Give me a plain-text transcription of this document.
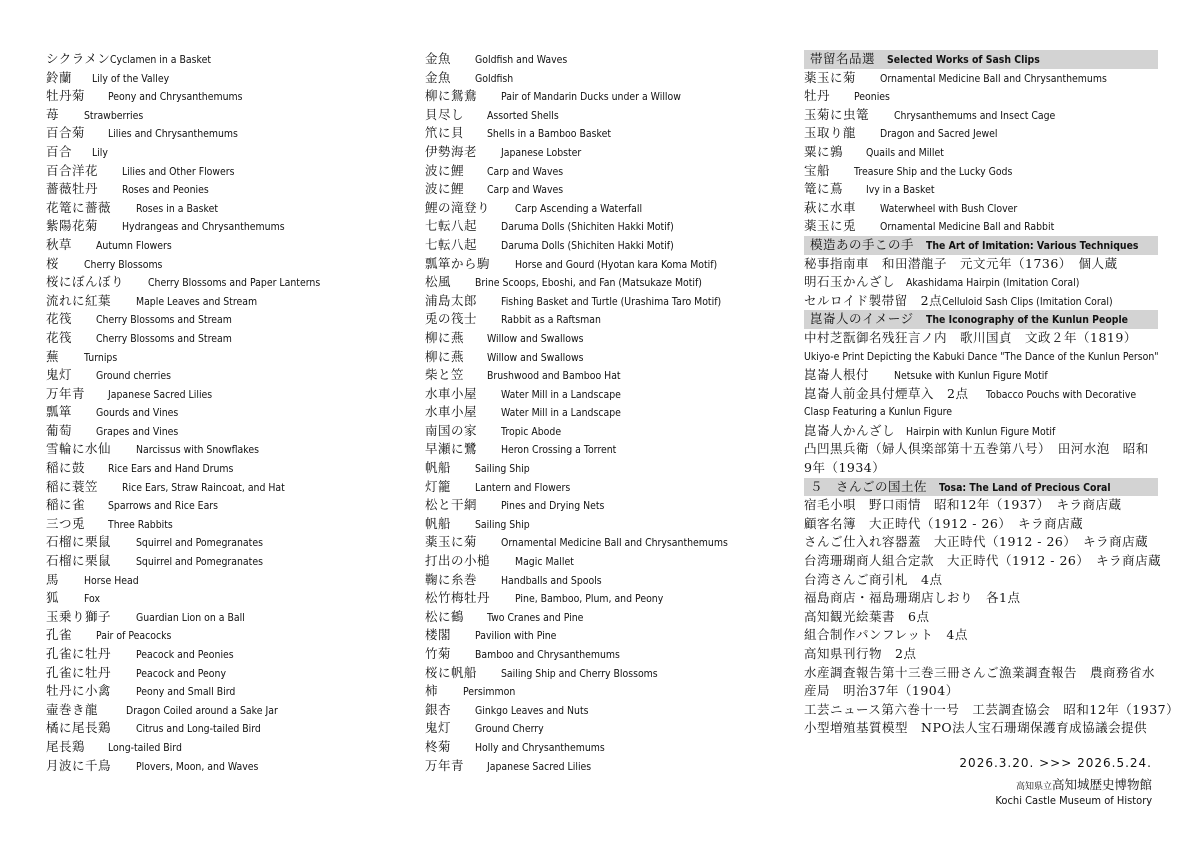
シクラメン Cyclamen in a Basket
鈴蘭	Lily of the Valley
牡丹菊	Peony and Chrysanthemums
苺	Strawberries
百合菊	Lilies and Chrysanthemums
百合	Lily
百合洋花	Lilies and Other Flowers
薔薇牡丹	Roses and Peonies
花篭に薔薇	Roses in a Basket
紫陽花菊	Hydrangeas and Chrysanthemums
秋草	Autumn Flowers
桜	Cherry Blossoms
桜にぼんぼり	Cherry Blossoms and Paper Lanterns
流れに紅葉	Maple Leaves and Stream
花筏	Cherry Blossoms and Stream
花筏	Cherry Blossoms and Stream
蕪	Turnips
鬼灯	Ground cherries
万年青	Japanese Sacred Lilies
瓢箪	Gourds and Vines
葡萄	Grapes and Vines
雪輪に水仙	Narcissus with Snowflakes
稲に鼓	Rice Ears and Hand Drums
稲に蓑笠	Rice Ears, Straw Raincoat, and Hat
稲に雀	Sparrows and Rice Ears
三つ兎	Three Rabbits
石榴に栗鼠	Squirrel and Pomegranates
石榴に栗鼠	Squirrel and Pomegranates
馬	Horse Head
狐	Fox
玉乗り獅子	Guardian Lion on a Ball
孔雀	Pair of Peacocks
孔雀に牡丹	Peacock and Peonies
孔雀に牡丹	Peacock and Peony
牡丹に小禽	Peony and Small Bird
壷巻き龍	Dragon Coiled around a Sake Jar
橘に尾長鶏	Citrus and Long-tailed Bird
尾長鶏	Long-tailed Bird
月波に千鳥	Plovers, Moon, and Waves
金魚	Goldfish and Waves
金魚	Goldfish
柳に鴛鴦	Pair of Mandarin Ducks under a Willow
貝尽し	Assorted Shells
笊に貝	Shells in a Bamboo Basket
伊勢海老	Japanese Lobster
波に鯉	Carp and Waves
波に鯉	Carp and Waves
鯉の滝登り	Carp Ascending a Waterfall
七転八起	Daruma Dolls (Shichiten Hakki Motif)
七転八起	Daruma Dolls (Shichiten Hakki Motif)
瓢箪から駒	Horse and Gourd (Hyotan kara Koma Motif)
松風	Brine Scoops, Eboshi, and Fan (Matsukaze Motif)
浦島太郎	Fishing Basket and Turtle (Urashima Taro Motif)
兎の筏士	Rabbit as a Raftsman
柳に燕	Willow and Swallows
柳に燕	Willow and Swallows
柴と笠	Brushwood and Bamboo Hat
水車小屋	Water Mill in a Landscape
水車小屋	Water Mill in a Landscape
南国の家	Tropic Abode
早瀬に鷺	Heron Crossing a Torrent
帆船	Sailing Ship
灯籠	Lantern and Flowers
松と干網	Pines and Drying Nets
帆船	Sailing Ship
薬玉に菊	Ornamental Medicine Ball and Chrysanthemums
打出の小槌	Magic Mallet
鞠に糸巻	Handballs and Spools
松竹梅牡丹	Pine, Bamboo, Plum, and Peony
松に鶴	Two Cranes and Pine
楼閣	Pavilion with Pine
竹菊	Bamboo and Chrysanthemums
桜に帆船	Sailing Ship and Cherry Blossoms
柿	Persimmon
銀杏	Ginkgo Leaves and Nuts
鬼灯	Ground Cherry
柊菊	Holly and Chrysanthemums
万年青	Japanese Sacred Lilies
帯留名品選 Selected Works of Sash Clips
薬玉に菊	Ornamental Medicine Ball and Chrysanthemums
牡丹	Peonies
玉菊に虫篭	Chrysanthemums and Insect Cage
玉取り龍	Dragon and Sacred Jewel
粟に鶉	Quails and Millet
宝船	Treasure Ship and the Lucky Gods
篭に蔦	Ivy in a Basket
萩に水車	Waterwheel with Bush Clover
薬玉に兎	Ornamental Medicine Ball and Rabbit
模造あの手この手 The Art of Imitation: Various Techniques
秘事指南車　和田潜龍子　元文元年（1736）　個人蔵
明石玉かんざし	Akashidama Hairpin (Imitation Coral)
セルロイド製帯留　2点 Celluloid Sash Clips (Imitation Coral)
崑崙人のイメージ The Iconography of the Kunlun People
中村芝翫御名残狂言ノ内　歌川国貞　文政２年（1819）
Ukiyo-e Print Depicting the Kabuki Dance "The Dance of the Kunlun Person"
崑崙人根付	Netsuke with Kunlun Figure Motif
崑崙人前金具付煙草入　2点	Tobacco Pouchs with Decorative
Clasp Featuring a Kunlun Figure
崑崙人かんざし	Hairpin with Kunlun Figure Motif
凸凹黒兵衛（婦人倶楽部第十五巻第八号）　田河水泡　昭和
9年（1934）
５　さんごの国土佐 Tosa: The Land of Precious Coral
宿毛小唄　野口雨情　昭和12年（1937）　キラ商店蔵
顧客名簿　大正時代（1912 - 26）　キラ商店蔵
さんご仕入れ容器蓋　大正時代（1912 - 26）　キラ商店蔵
台湾珊瑚商人組合定款　大正時代（1912 - 26）　キラ商店蔵
台湾さんご商引札　4点
福島商店・福島珊瑚店しおり　各1点
高知観光絵葉書　6点
組合制作パンフレット　4点
高知県刊行物　2点
水産調査報告第十三巻三冊さんご漁業調査報告　農商務省水
産局　明治37年（1904）
工芸ニュース第六巻十一号　工芸調査協会　昭和12年（1937）
小型増殖基質模型　NPO法人宝石珊瑚保護育成協議会提供
2026.3.20. >>> 2026.5.24.
高知県立高知城歴史博物館
Kochi Castle Museum of History
